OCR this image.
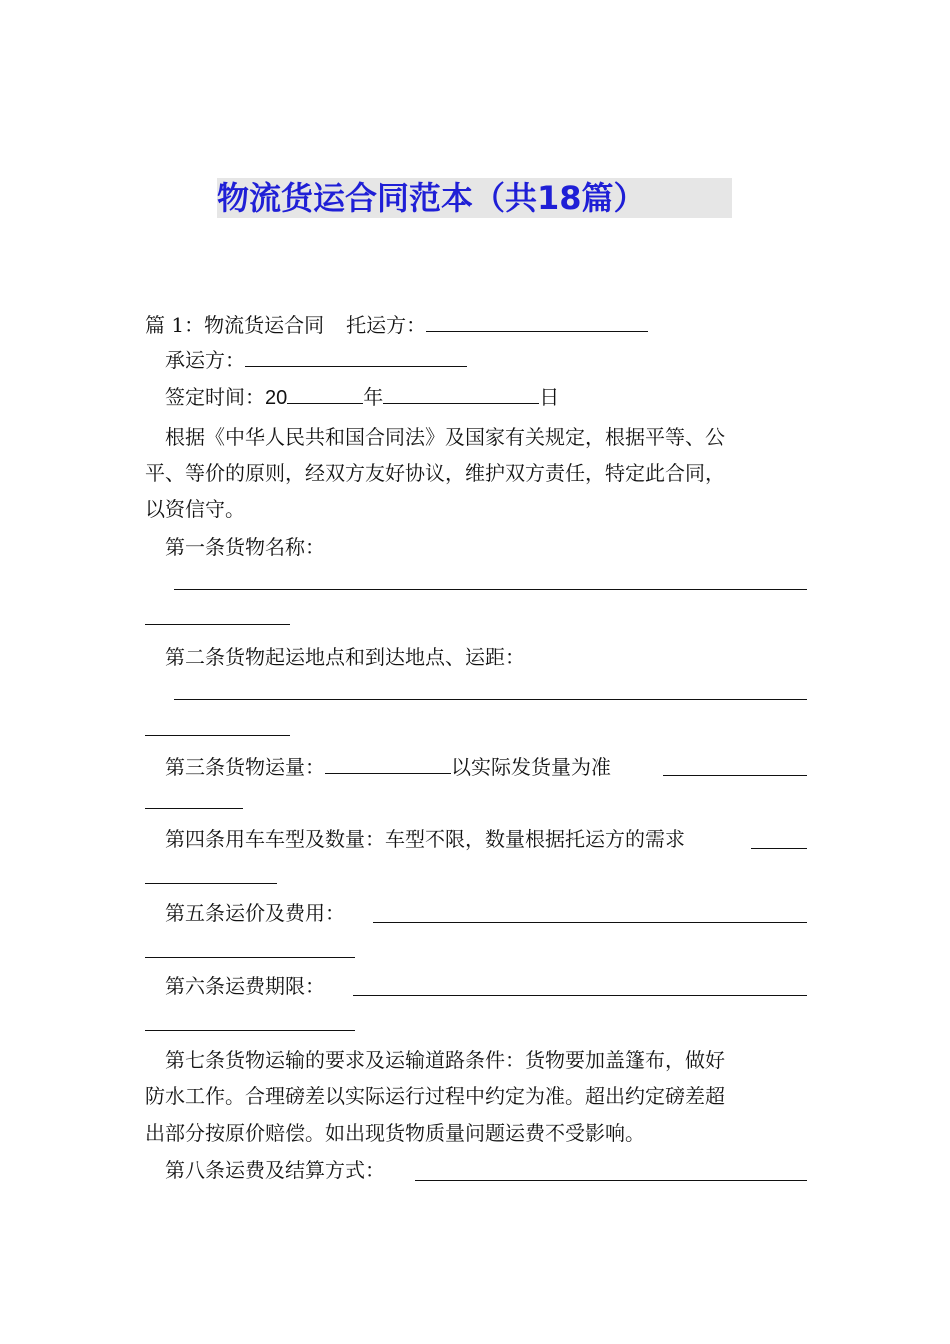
物流货运合同范本（共18篇）
篇 1：物流货运合同 托运方：
承运方：
签定时间：20	年	日
根据《中华人民共和国合同法》及国家有关规定，根据平等、公
平、等价的原则，经双方友好协议，维护双方责任，特定此合同，
以资信守。
第一条货物名称：
第二条货物起运地点和到达地点、运距：
第三条货物运量：	以实际发货量为准
第四条用车车型及数量：车型不限，数量根据托运方的需求
第五条运价及费用：
第六条运费期限：
第七条货物运输的要求及运输道路条件：货物要加盖篷布，做好
防水工作。合理磅差以实际运行过程中约定为准。超出约定磅差超
出部分按原价赔偿。如出现货物质量问题运费不受影响。
第八条运费及结算方式：
